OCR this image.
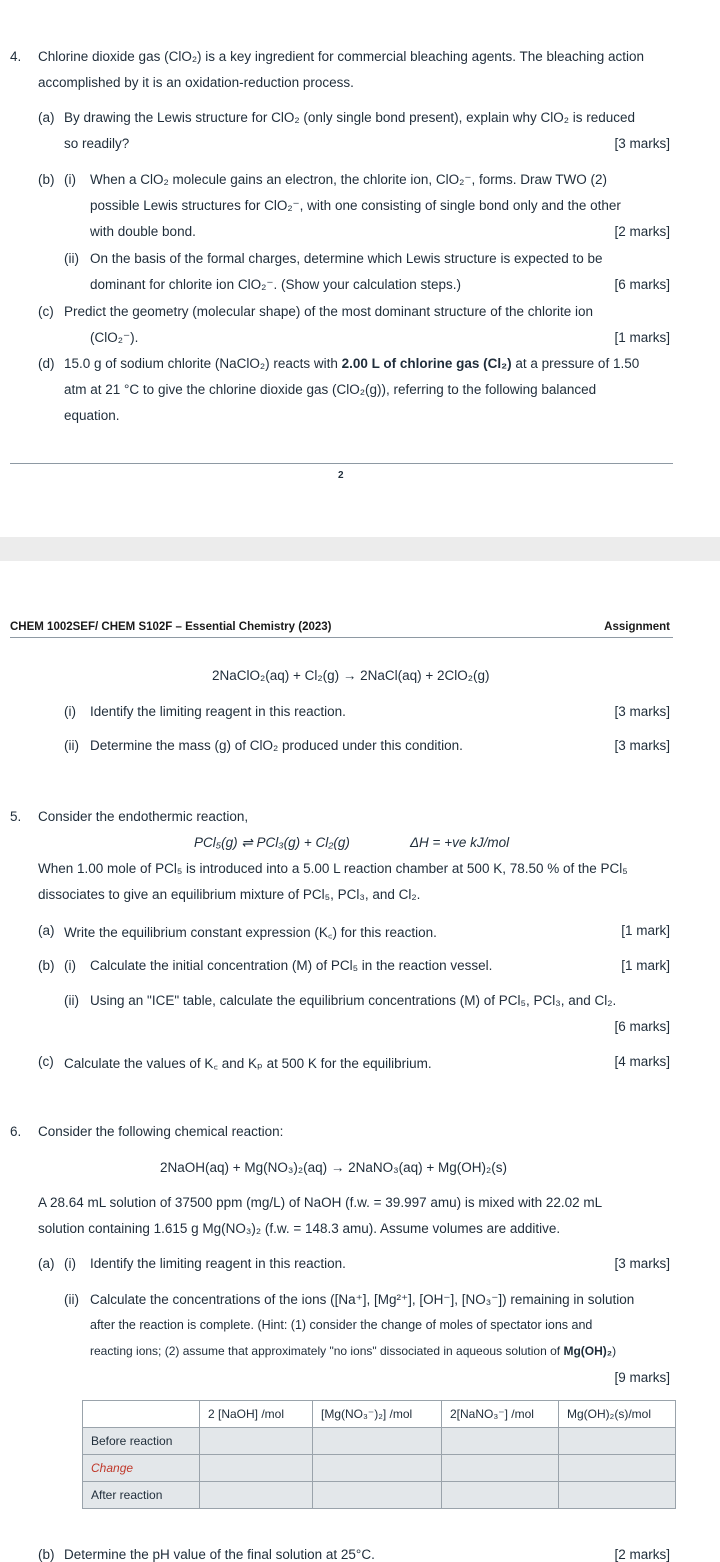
4. Chlorine dioxide gas (ClO₂) is a key ingredient for commercial bleaching agents. The bleaching action
accomplished by it is an oxidation-reduction process.
(a) By drawing the Lewis structure for ClO₂ (only single bond present), explain why ClO₂ is reduced
so readily?	[3 marks]
(b) (i) When a ClO₂ molecule gains an electron, the chlorite ion, ClO₂⁻, forms. Draw TWO (2)
possible Lewis structures for ClO₂⁻, with one consisting of single bond only and the other
with double bond.	[2 marks]
(ii) On the basis of the formal charges, determine which Lewis structure is expected to be
dominant for chlorite ion ClO₂⁻. (Show your calculation steps.)	[6 marks]
(c) Predict the geometry (molecular shape) of the most dominant structure of the chlorite ion
(ClO₂⁻).	[1 marks]
(d) 15.0 g of sodium chlorite (NaClO₂) reacts with 2.00 L of chlorine gas (Cl₂) at a pressure of 1.50
atm at 21 °C to give the chlorine dioxide gas (ClO₂(g)), referring to the following balanced
equation.
2
CHEM 1002SEF/ CHEM S102F – Essential Chemistry (2023)	Assignment
2NaClO₂(aq) + Cl₂(g) → 2NaCl(aq) + 2ClO₂(g)
(i) Identify the limiting reagent in this reaction.	[3 marks]
(ii) Determine the mass (g) of ClO₂ produced under this condition.	[3 marks]
5. Consider the endothermic reaction,
PCl₅(g) ⇌ PCl₃(g) + Cl₂(g)	ΔH = +ve kJ/mol
When 1.00 mole of PCl₅ is introduced into a 5.00 L reaction chamber at 500 K, 78.50 % of the PCl₅
dissociates to give an equilibrium mixture of PCl₅, PCl₃, and Cl₂.
(a) Write the equilibrium constant expression (K꜀) for this reaction.	[1 mark]
(b) (i) Calculate the initial concentration (M) of PCl₅ in the reaction vessel.	[1 mark]
(ii) Using an "ICE" table, calculate the equilibrium concentrations (M) of PCl₅, PCl₃, and Cl₂.
[6 marks]
(c) Calculate the values of K꜀ and Kₚ at 500 K for the equilibrium.	[4 marks]
6. Consider the following chemical reaction:
2NaOH(aq) + Mg(NO₃)₂(aq) → 2NaNO₃(aq) + Mg(OH)₂(s)
A 28.64 mL solution of 37500 ppm (mg/L) of NaOH (f.w. = 39.997 amu) is mixed with 22.02 mL
solution containing 1.615 g Mg(NO₃)₂ (f.w. = 148.3 amu). Assume volumes are additive.
(a) (i) Identify the limiting reagent in this reaction.	[3 marks]
(ii) Calculate the concentrations of the ions ([Na⁺], [Mg²⁺], [OH⁻], [NO₃⁻]) remaining in solution
after the reaction is complete. (Hint: (1) consider the change of moles of spectator ions and
reacting ions; (2) assume that approximately "no ions" dissociated in aqueous solution of Mg(OH)₂)
[9 marks]
(b) Determine the pH value of the final solution at 25°C.	[2 marks]
	2 [NaOH] /mol	[Mg(NO₃⁻)₂] /mol	2[NaNO₃⁻] /mol	Mg(OH)₂(s)/mol
Before reaction				
Change				
After reaction				
